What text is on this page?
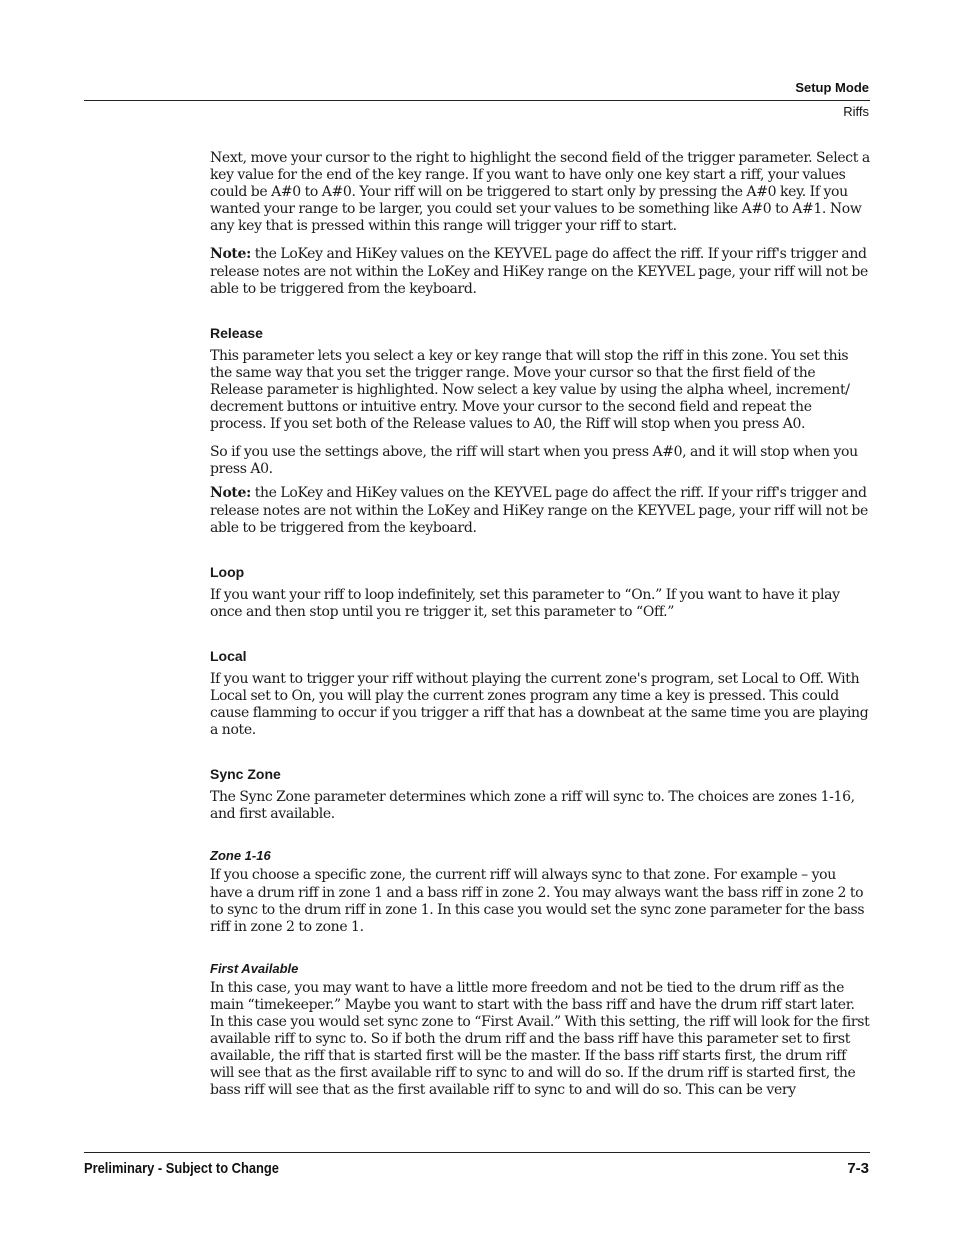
Setup Mode
Riffs

Next, move your cursor to the right to highlight the second field of the trigger parameter. Select a key value for the end of the key range. If you want to have only one key start a riff, your values could be A#0 to A#0. Your riff will on be triggered to start only by pressing the A#0 key. If you wanted your range to be larger, you could set your values to be something like A#0 to A#1. Now any key that is pressed within this range will trigger your riff to start.

Note: the LoKey and HiKey values on the KEYVEL page do affect the riff. If your riff's trigger and release notes are not within the LoKey and HiKey range on the KEYVEL page, your riff will not be able to be triggered from the keyboard.

Release

This parameter lets you select a key or key range that will stop the riff in this zone. You set this the same way that you set the trigger range. Move your cursor so that the first field of the Release parameter is highlighted. Now select a key value by using the alpha wheel, increment/ decrement buttons or intuitive entry. Move your cursor to the second field and repeat the process. If you set both of the Release values to A0, the Riff will stop when you press A0.

So if you use the settings above, the riff will start when you press A#0, and it will stop when you press A0.

Note: the LoKey and HiKey values on the KEYVEL page do affect the riff. If your riff's trigger and release notes are not within the LoKey and HiKey range on the KEYVEL page, your riff will not be able to be triggered from the keyboard.

Loop

If you want your riff to loop indefinitely, set this parameter to “On.” If you want to have it play once and then stop until you re trigger it, set this parameter to “Off.”

Local

If you want to trigger your riff without playing the current zone's program, set Local to Off. With Local set to On, you will play the current zones program any time a key is pressed. This could cause flamming to occur if you trigger a riff that has a downbeat at the same time you are playing a note.

Sync Zone

The Sync Zone parameter determines which zone a riff will sync to. The choices are zones 1-16, and first available.

Zone 1-16

If you choose a specific zone, the current riff will always sync to that zone. For example – you have a drum riff in zone 1 and a bass riff in zone 2. You may always want the bass riff in zone 2 to to sync to the drum riff in zone 1. In this case you would set the sync zone parameter for the bass riff in zone 2 to zone 1.

First Available

In this case, you may want to have a little more freedom and not be tied to the drum riff as the main “timekeeper.” Maybe you want to start with the bass riff and have the drum riff start later. In this case you would set sync zone to “First Avail.” With this setting, the riff will look for the first available riff to sync to. So if both the drum riff and the bass riff have this parameter set to first available, the riff that is started first will be the master. If the bass riff starts first, the drum riff will see that as the first available riff to sync to and will do so. If the drum riff is started first, the bass riff will see that as the first available riff to sync to and will do so. This can be very

Preliminary - Subject to Change	7-3
